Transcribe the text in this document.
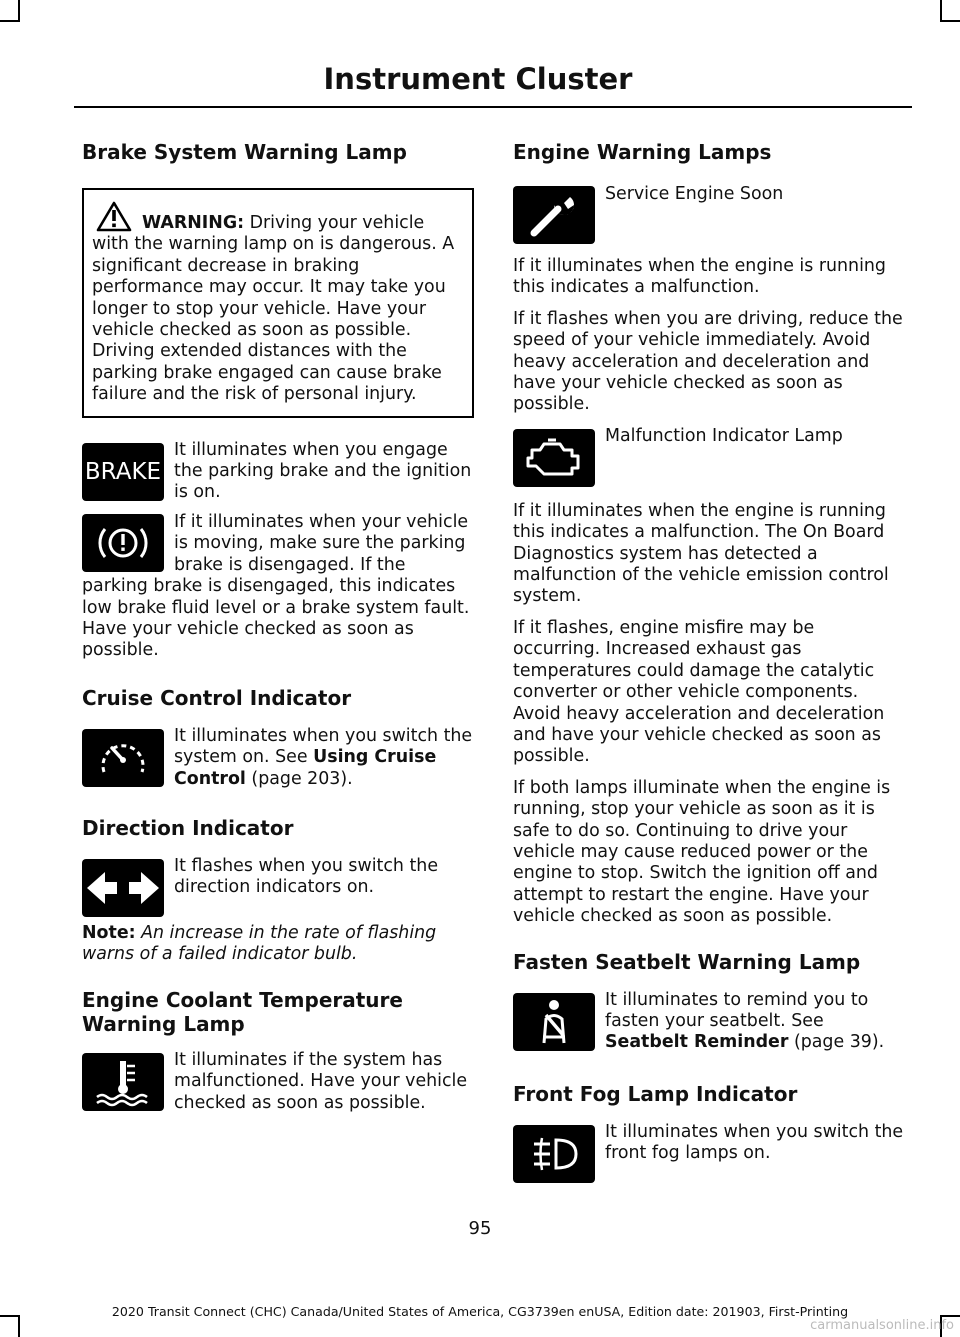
Instrument Cluster
Brake System Warning Lamp

WARNING: Driving your vehicle with the warning lamp on is dangerous. A significant decrease in braking performance may occur. It may take you longer to stop your vehicle. Have your vehicle checked as soon as possible. Driving extended distances with the parking brake engaged can cause brake failure and the risk of personal injury.

BRAKE

It illuminates when you engage the parking brake and the ignition is on.

If it illuminates when your vehicle is moving, make sure the parking brake is disengaged. If the parking brake is disengaged, this indicates low brake fluid level or a brake system fault. Have your vehicle checked as soon as possible.

Cruise Control Indicator

It illuminates when you switch the system on. See Using Cruise Control (page 203).

Direction Indicator

It flashes when you switch the direction indicators on.

Note: An increase in the rate of flashing warns of a failed indicator bulb.

Engine Coolant Temperature Warning Lamp

It illuminates if the system has malfunctioned. Have your vehicle checked as soon as possible.

Engine Warning Lamps

Service Engine Soon

If it illuminates when the engine is running this indicates a malfunction.

If it flashes when you are driving, reduce the speed of your vehicle immediately. Avoid heavy acceleration and deceleration and have your vehicle checked as soon as possible.

Malfunction Indicator Lamp

If it illuminates when the engine is running this indicates a malfunction. The On Board Diagnostics system has detected a malfunction of the vehicle emission control system.

If it flashes, engine misfire may be occurring. Increased exhaust gas temperatures could damage the catalytic converter or other vehicle components. Avoid heavy acceleration and deceleration and have your vehicle checked as soon as possible.

If both lamps illuminate when the engine is running, stop your vehicle as soon as it is safe to do so. Continuing to drive your vehicle may cause reduced power or the engine to stop. Switch the ignition off and attempt to restart the engine. Have your vehicle checked as soon as possible.

Fasten Seatbelt Warning Lamp

It illuminates to remind you to fasten your seatbelt. See Seatbelt Reminder (page 39).

Front Fog Lamp Indicator

It illuminates when you switch the front fog lamps on.

95
2020 Transit Connect (CHC) Canada/United States of America, CG3739en enUSA, Edition date: 201903, First-Printing
carmanualsonline.info
